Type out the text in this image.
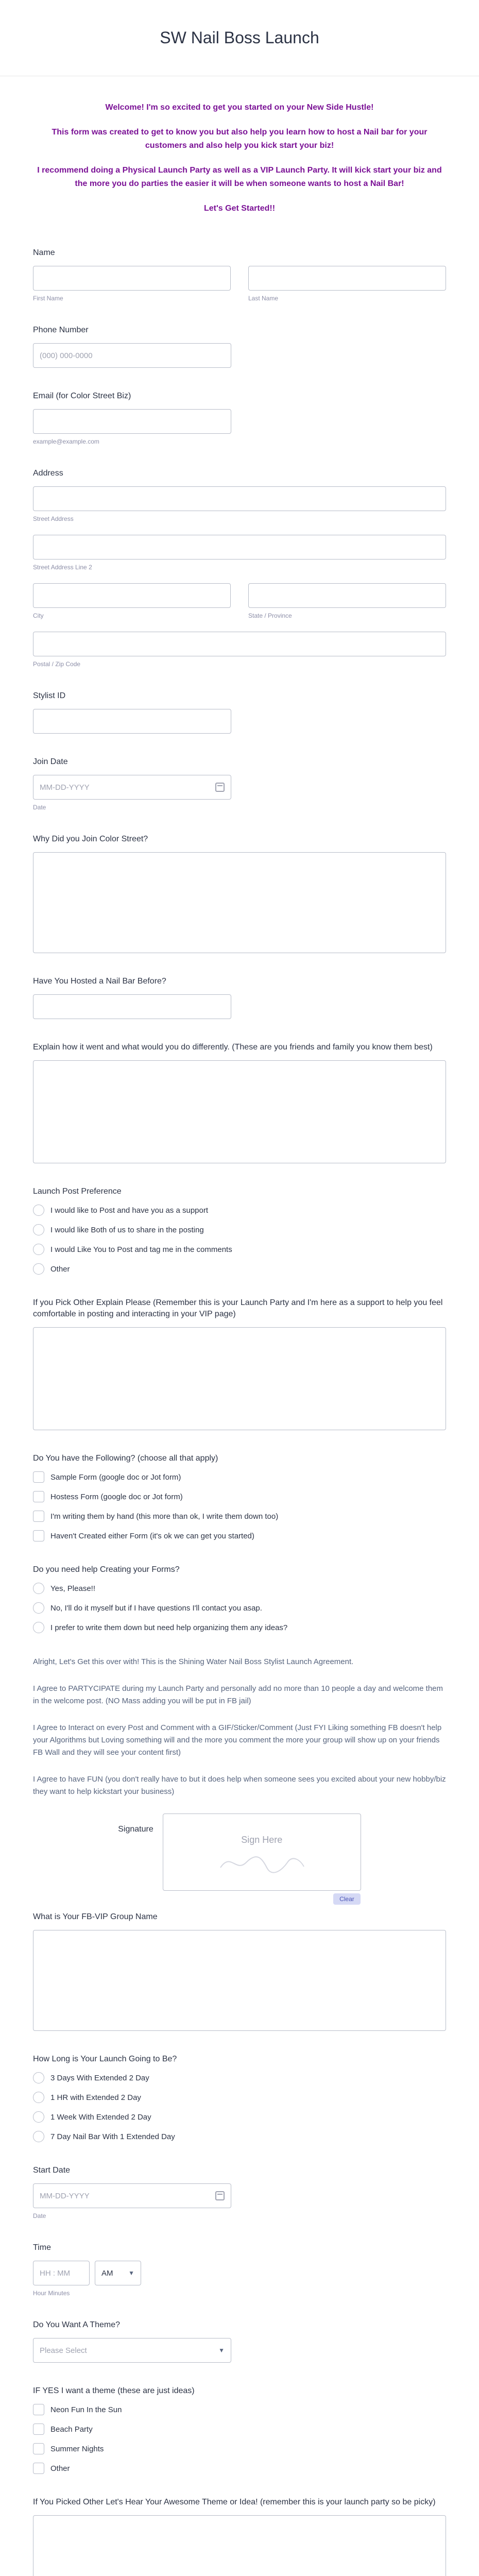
SW Nail Boss Launch

Welcome! I'm so excited to get you started on your New Side Hustle!

This form was created to get to know you but also help you learn how to host a Nail bar for your customers and also help you kick start your biz!

I recommend doing a Physical Launch Party as well as a VIP Launch Party. It will kick start your biz and the more you do parties the easier it will be when someone wants to host a Nail Bar!

Let's Get Started!!

Name
First Name	Last Name
Phone Number
(000) 000-0000
Email (for Color Street Biz)
example@example.com
Address
Street Address
Street Address Line 2
City	State / Province
Postal / Zip Code
Stylist ID
Join Date
MM-DD-YYYY
Date
Why Did you Join Color Street?
Have You Hosted a Nail Bar Before?
Explain how it went and what would you do differently. (These are you friends and family you know them best)
Launch Post Preference
I would like to Post and have you as a support
I would like Both of us to share in the posting
I would Like You to Post and tag me in the comments
Other
If you Pick Other Explain Please (Remember this is your Launch Party and I'm here as a support to help you feel comfortable in posting and interacting in your VIP page)
Do You have the Following? (choose all that apply)
Sample Form (google doc or Jot form)
Hostess Form (google doc or Jot form)
I'm writing them by hand (this more than ok, I write them down too)
Haven't Created either Form (it's ok we can get you started)
Do you need help Creating your Forms?
Yes, Please!!
No, I'll do it myself but if I have questions I'll contact you asap.
I prefer to write them down but need help organizing them any ideas?

Alright, Let's Get this over with! This is the Shining Water Nail Boss Stylist Launch Agreement.

I Agree to PARTYCIPATE during my Launch Party and personally add no more than 10 people a day and welcome them in the welcome post. (NO Mass adding you will be put in FB jail)

I Agree to Interact on every Post and Comment with a GIF/Sticker/Comment (Just FYI Liking something FB doesn't help your Algorithms but Loving something will and the more you comment the more your group will show up on your friends FB Wall and they will see your content first)

I Agree to have FUN (you don't really have to but it does help when someone sees you excited about your new hobby/biz they want to help kickstart your business)

Signature
Sign Here
Clear
What is Your FB-VIP Group Name
How Long is Your Launch Going to Be?
3 Days With Extended 2 Day
1 HR with Extended 2 Day
1 Week With Extended 2 Day
7 Day Nail Bar With 1 Extended Day
Start Date
MM-DD-YYYY
Date
Time
HH : MM	AM ▼
Hour Minutes
Do You Want A Theme?
Please Select	▼
IF YES I want a theme (these are just ideas)
Neon Fun In the Sun
Beach Party
Summer Nights
Other
If You Picked Other Let's Hear Your Awesome Theme or Idea! (remember this is your launch party so be picky)
